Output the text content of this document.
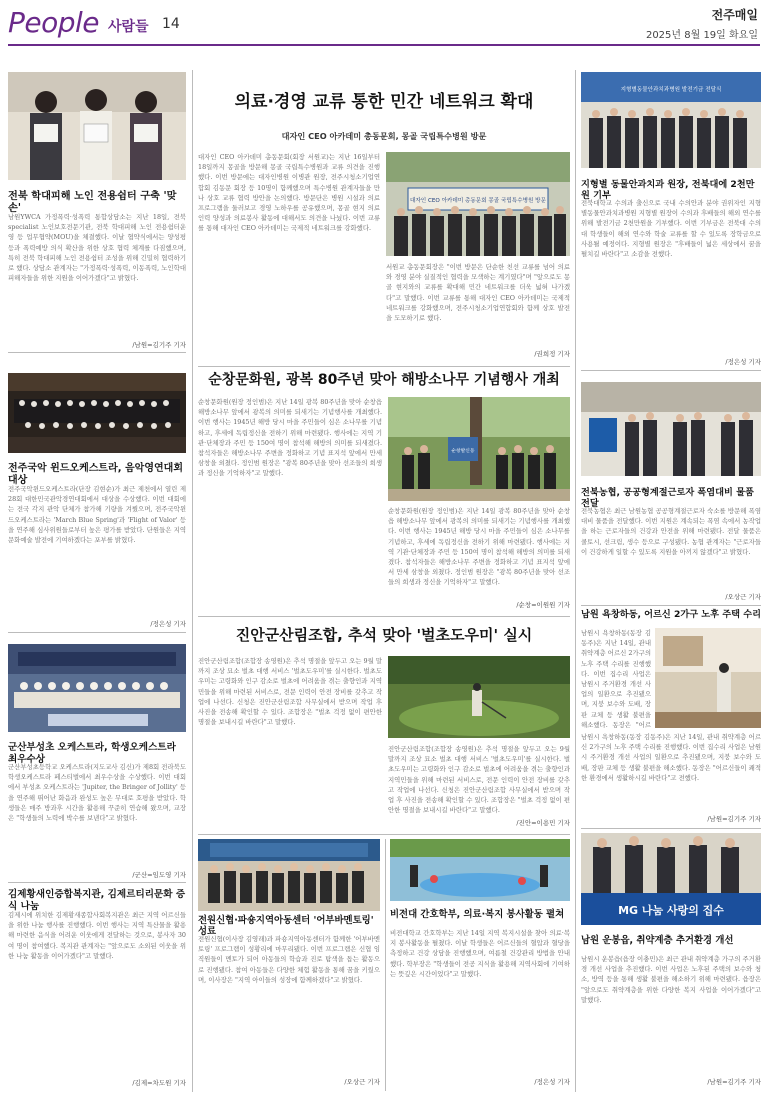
People 사람들 14
전주매일
2025년 8월 19일 화요일
전북 학대피해 노인 전용쉼터 구축 '맞손'
남원YWCA 가정폭력·성폭력 통합상담소는 지난 18일, 전북specialist 노인보호전문기관, 전북 학대피해 노인 전용쉼터운영 등 업무협약(MOU)을 체결했다. 이날 협약식에서는 양성평등과 폭력예방 의식 확산을 위한 상호 협력 체계를 다짐했으며, 특히 전북 학대피해 노인 전용쉼터 조성을 위해 긴밀히 협력하기로 했다. 상담소 관계자는 "가정폭력·성폭력, 이동폭력, 노인학대 피해자들을 위한 지원을 이어가겠다"고 밝혔다.
/남원=김기주 기자
전주국악 윈드오케스트라, 음악영연대회 대상
전주국악윈드오케스트라(단장 김현순)가 최근 제천에서 열린 제28회 대한민국관악경연대회에서 대상을 수상했다. 이번 대회에는 전국 각지 관악 단체가 참가해 기량을 겨뤘으며, 전주국악윈드오케스트라는 'March Blue Spring'과 'Flight of Valor' 등을 연주해 심사위원들로부터 높은 평가를 받았다. 단원들은 지역 문화예술 발전에 기여하겠다는 포부를 밝혔다.
/정은성 기자
군산부성초 오케스트라, 학생오케스트라 최우수상
군산부성초등학교 오케스트라(지도교사 김신)가 제8회 전라북도 학생오케스트라 페스티벌에서 최우수상을 수상했다. 이번 대회에서 부성초 오케스트라는 'Jupiter, the Bringer of Jollity' 등을 연주해 뛰어난 화음과 완성도 높은 무대로 호평을 받았다. 학생들은 매주 방과후 시간을 활용해 꾸준히 연습해 왔으며, 교장은 "학생들의 노력에 박수를 보낸다"고 밝혔다.
/군산=임도영 기자
김제황새인증합복지관, 김제르티리문화 증식 나눔
김제시에 위치한 김제황새종합사회복지관은 최근 지역 어르신들을 위한 나눔 행사를 진행했다. 이번 행사는 지역 특산물을 활용해 마련한 음식을 어려운 이웃에게 전달하는 것으로, 봉사자 30여 명이 참여했다. 복지관 관계자는 "앞으로도 소외된 이웃을 위한 나눔 활동을 이어가겠다"고 말했다.
/김제=차도원 기자
의료·경영 교류 통한 민간 네트워크 확대
대자인 CEO 아카데미 총동문회, 몽골 국립특수병원 방문
대자인 CEO 아카데미 총동문회(회장 서원교)는 지난 16일부터 18일까지 몽골을 방문해 몽골 국립특수병원과 교류 의견을 진행했다. 이번 방문에는 대자인병원 이병관 원장, 전주시청소기업연합회 김동문 회장 등 10명이 함께했으며 특수병원 관계자들을 만나 상호 교류 협력 방안을 논의했다. 방문단은 병원 시설과 의료 프로그램을 둘러보고 경영 노하우를 공유했으며, 몽골 현지 의료 인력 양성과 의료봉사 활동에 대해서도 의견을 나눴다. 이번 교류를 통해 대자인 CEO 아카데미는 국제적 네트워크를 강화했다.
대자인 CEO 아카데미 총동문회 몽골 국립특수병원 방문
서원교 총동문회장은 "이번 방문은 단순한 친선 교류를 넘어 의료와 경영 분야 실질적인 협력을 모색하는 계기였다"며 "앞으로도 몽골 현지와의 교류를 확대해 민간 네트워크를 더욱 넓혀 나가겠다"고 말했다. 이번 교류를 통해 대자인 CEO 아카데미는 국제적 네트워크를 강화했으며, 전주시청소기업연합회와 함께 상호 발전을 도모하기로 했다.
/권희정 기자
순창문화원, 광복 80주년 맞아 해방소나무 기념행사 개최
순창문화원(원장 정인범)은 지난 14일 광복 80주년을 맞아 순창읍 해방소나무 앞에서 광복의 의미를 되새기는 기념행사를 개최했다. 이번 행사는 1945년 해방 당시 마을 주민들이 심은 소나무를 기념하고, 후세에 독립정신을 전하기 위해 마련됐다. 행사에는 지역 기관·단체장과 주민 등 150여 명이 참석해 해방의 의미를 되새겼다. 참석자들은 해방소나무 주변을 정화하고 기념 표지석 앞에서 만세 삼창을 외쳤다. 정인범 원장은 "광복 80주년을 맞아 선조들의 희생과 정신을 기억하자"고 말했다.
순창발신동
순창문화원(원장 정인범)은 지난 14일 광복 80주년을 맞아 순창읍 해방소나무 앞에서 광복의 의미를 되새기는 기념행사를 개최했다. 이번 행사는 1945년 해방 당시 마을 주민들이 심은 소나무를 기념하고, 후세에 독립정신을 전하기 위해 마련됐다. 행사에는 지역 기관·단체장과 주민 등 150여 명이 참석해 해방의 의미를 되새겼다. 참석자들은 해방소나무 주변을 정화하고 기념 표지석 앞에서 만세 삼창을 외쳤다. 정인범 원장은 "광복 80주년을 맞아 선조들의 희생과 정신을 기억하자"고 말했다.
/순창=이원원 기자
진안군산림조합, 추석 맞아 '벌초도우미' 실시
진안군산림조합(조합장 송영원)은 추석 명절을 앞두고 오는 9월 말까지 조상 묘소 벌초 대행 서비스 '벌초도우미'를 실시한다. 벌초도우미는 고령화와 인구 감소로 벌초에 어려움을 겪는 출향인과 지역민들을 위해 마련된 서비스로, 전문 인력이 안전 장비를 갖추고 작업에 나선다. 신청은 진안군산림조합 사무실에서 받으며 작업 후 사진을 전송해 확인할 수 있다. 조합장은 "벌초 걱정 없이 편안한 명절을 보내시길 바란다"고 말했다.
진안군산림조합(조합장 송영원)은 추석 명절을 앞두고 오는 9월 말까지 조상 묘소 벌초 대행 서비스 '벌초도우미'를 실시한다. 벌초도우미는 고령화와 인구 감소로 벌초에 어려움을 겪는 출향인과 지역민들을 위해 마련된 서비스로, 전문 인력이 안전 장비를 갖추고 작업에 나선다. 신청은 진안군산림조합 사무실에서 받으며 작업 후 사진을 전송해 확인할 수 있다. 조합장은 "벌초 걱정 없이 편안한 명절을 보내시길 바란다"고 말했다.
/진안=이용민 기자
전원신협·파숑지역아동센터 '어부바멘토링' 성료
전원신협(이사장 김영래)과 파숑지역아동센터가 함께한 '어부바멘토링' 프로그램이 성황리에 마무리됐다. 이번 프로그램은 신협 임직원들이 멘토가 되어 아동들의 학습과 진로 탐색을 돕는 활동으로 진행됐다. 참여 아동들은 다양한 체험 활동을 통해 꿈을 키웠으며, 이사장은 "지역 아이들의 성장에 함께하겠다"고 밝혔다.
/오상근 기자
비전대 간호학부, 의료·복지 봉사활동 펼쳐
비전대학교 간호학부는 지난 14일 지역 복지시설을 찾아 의료·복지 봉사활동을 펼쳤다. 이날 학생들은 어르신들의 혈압과 혈당을 측정하고 건강 상담을 진행했으며, 여름철 건강관리 방법을 안내했다. 학부장은 "학생들이 전공 지식을 활용해 지역사회에 기여하는 뜻깊은 시간이었다"고 말했다.
/정은성 기자
지형별동물안과치과병원 발전기금 전달식
지형별 동물안과치과 원장, 전북대에 2천만원 기부
전북대학교 수의과 출신으로 국내 수의안과 분야 권위자인 지형별동물안과치과병원 지형별 원장이 수의과 후배들의 해외 연수를 위해 발전기금 2천만원을 기부했다. 이번 기부금은 전북대 수의대 학생들이 해외 연수와 학술 교류를 할 수 있도록 장학금으로 사용될 예정이다. 지형별 원장은 "후배들이 넓은 세상에서 꿈을 펼치길 바란다"고 소감을 전했다.
/정은성 기자
전북농협, 공공형계절근로자 폭염대비 물품 전달
전북농협은 최근 남원농협 공공형계절근로자 숙소를 방문해 폭염 대비 물품을 전달했다. 이번 지원은 계속되는 폭염 속에서 농작업을 하는 근로자들의 건강과 안전을 위해 마련됐다. 전달 물품은 쿨토시, 선크림, 생수 등으로 구성됐다. 농협 관계자는 "근로자들이 건강하게 일할 수 있도록 지원을 아끼지 않겠다"고 밝혔다.
/오상근 기자
남원 욕창하동, 어르신 2가구 노후 주택 수리
남원시 욕창하동(동장 김동주)은 지난 14일, 관내 취약계층 어르신 2가구의 노후 주택 수리를 진행했다. 이번 집수리 사업은 남원시 주거환경 개선 사업의 일환으로 추진됐으며, 지붕 보수와 도배, 장판 교체 등 생활 불편을 해소했다. 동장은 "어르
남원시 욕창하동(동장 김동주)은 지난 14일, 관내 취약계층 어르신 2가구의 노후 주택 수리를 진행했다. 이번 집수리 사업은 남원시 주거환경 개선 사업의 일환으로 추진됐으며, 지붕 보수와 도배, 장판 교체 등 생활 불편을 해소했다. 동장은 "어르신들이 쾌적한 환경에서 생활하시길 바란다"고 전했다.
/남원=김기주 기자
MG 나눔 사랑의 집수
남원 운봉읍, 취약계층 추거환경 개선
남원시 운봉읍(읍장 이충민)은 최근 관내 취약계층 가구의 주거환경 개선 사업을 추진했다. 이번 사업은 노후된 주택의 보수와 청소, 방역 등을 통해 생활 불편을 해소하기 위해 마련됐다. 읍장은 "앞으로도 취약계층을 위한 다양한 복지 사업을 이어가겠다"고 말했다.
/남원=김기주 기자
